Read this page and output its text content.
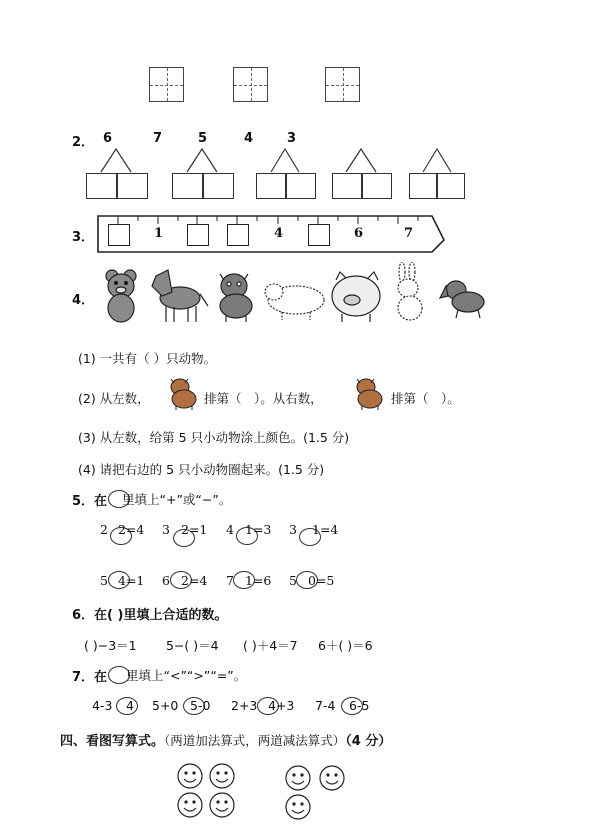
2． 6	7	5	4	3
3．	1	4	6	7
4．
(1) 一共有（ ）只动物。
(2) 从左数，	排第（　）。从右数，	排第（　）。
(3) 从左数，给第 5 只小动物涂上颜色。(1.5 分)
(4) 请把右边的 5 只小动物圈起来。(1.5 分)
5．在 里填上“+”或“−”。
2 2=4 3 2=1 4 1=3 3 1=4
5 4=1 6 2=4 7 1=6 5 0=5
6．在( )里填上合适的数。
( )−3＝1 5−( )＝4 ( )＋4＝7 6＋( )＝6
7．在 里填上“<”“>”“=”。
4-3 4 5+0 5-0 2+3 4+3 7-4 6-5
四、看图写算式。（两道加法算式，两道减法算式）（4 分）
